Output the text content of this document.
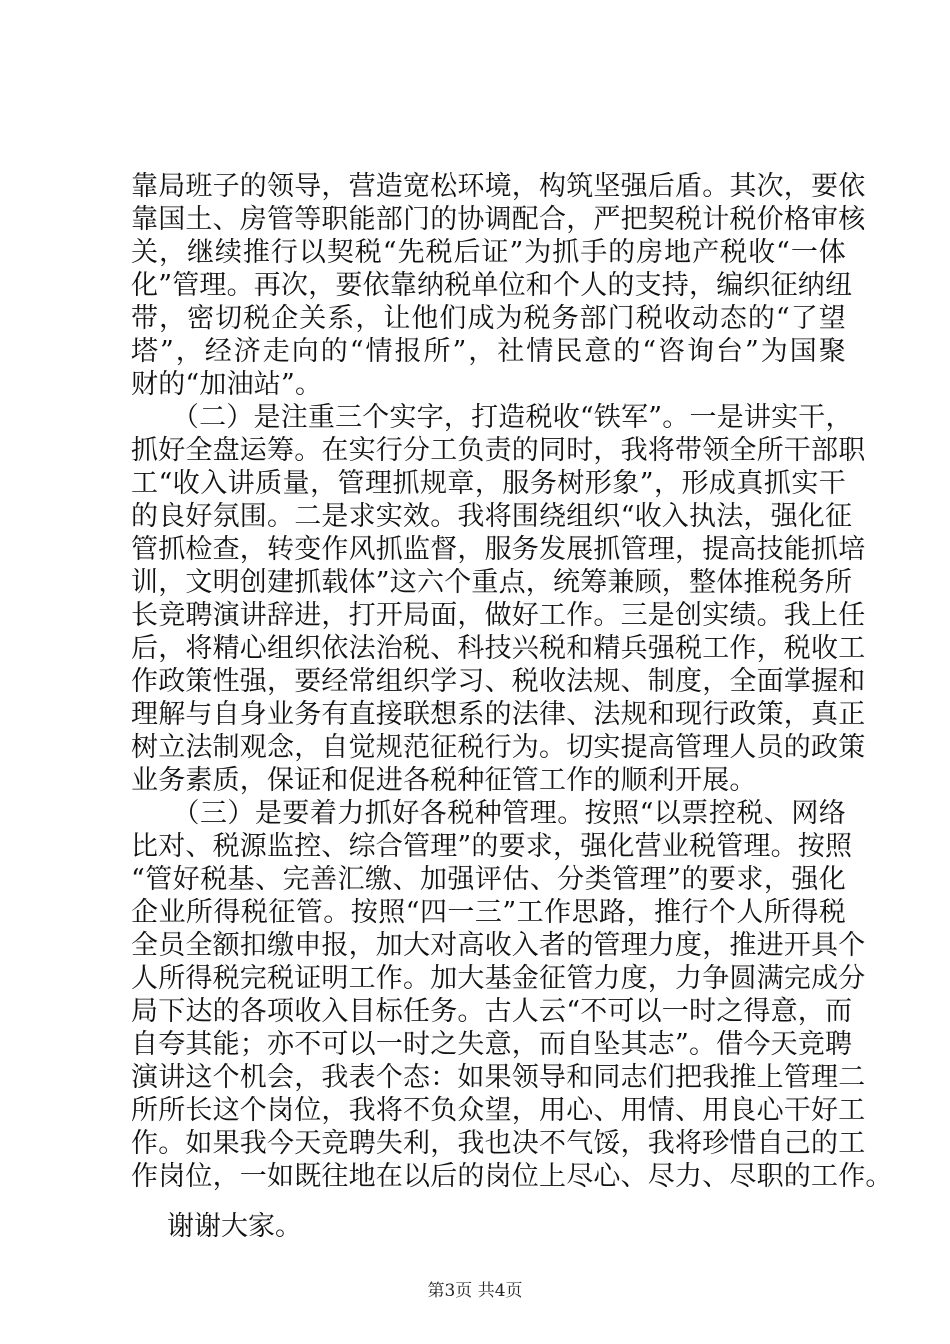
靠局班子的领导，营造宽松环境，构筑坚强后盾。其次，要依
靠国土、房管等职能部门的协调配合，严把契税计税价格审核
关，继续推行以契税“先税后证”为抓手的房地产税收“一体
化”管理。再次，要依靠纳税单位和个人的支持，编织征纳纽
带，密切税企关系，让他们成为税务部门税收动态的“了望
塔”，经济走向的“情报所”，社情民意的“咨询台”为国聚
财的“加油站”。
　　（二）是注重三个实字，打造税收“铁军”。一是讲实干，
抓好全盘运筹。在实行分工负责的同时，我将带领全所干部职
工“收入讲质量，管理抓规章，服务树形象”，形成真抓实干
的良好氛围。二是求实效。我将围绕组织“收入执法，强化征
管抓检查，转变作风抓监督，服务发展抓管理，提高技能抓培
训，文明创建抓载体”这六个重点，统筹兼顾，整体推税务所
长竞聘演讲辞进，打开局面，做好工作。三是创实绩。我上任
后，将精心组织依法治税、科技兴税和精兵强税工作，税收工
作政策性强，要经常组织学习、税收法规、制度，全面掌握和
理解与自身业务有直接联想系的法律、法规和现行政策，真正
树立法制观念，自觉规范征税行为。切实提高管理人员的政策
业务素质，保证和促进各税种征管工作的顺利开展。
　　（三）是要着力抓好各税种管理。按照“以票控税、网络
比对、税源监控、综合管理”的要求，强化营业税管理。按照
“管好税基、完善汇缴、加强评估、分类管理”的要求，强化
企业所得税征管。按照“四一三”工作思路，推行个人所得税
全员全额扣缴申报，加大对高收入者的管理力度，推进开具个
人所得税完税证明工作。加大基金征管力度，力争圆满完成分
局下达的各项收入目标任务。古人云“不可以一时之得意，而
自夸其能；亦不可以一时之失意，而自坠其志”。借今天竞聘
演讲这个机会，我表个态：如果领导和同志们把我推上管理二
所所长这个岗位，我将不负众望，用心、用情、用良心干好工
作。如果我今天竞聘失利，我也决不气馁，我将珍惜自己的工
作岗位，一如既往地在以后的岗位上尽心、尽力、尽职的工作。
谢谢大家。
第3页 共4页
